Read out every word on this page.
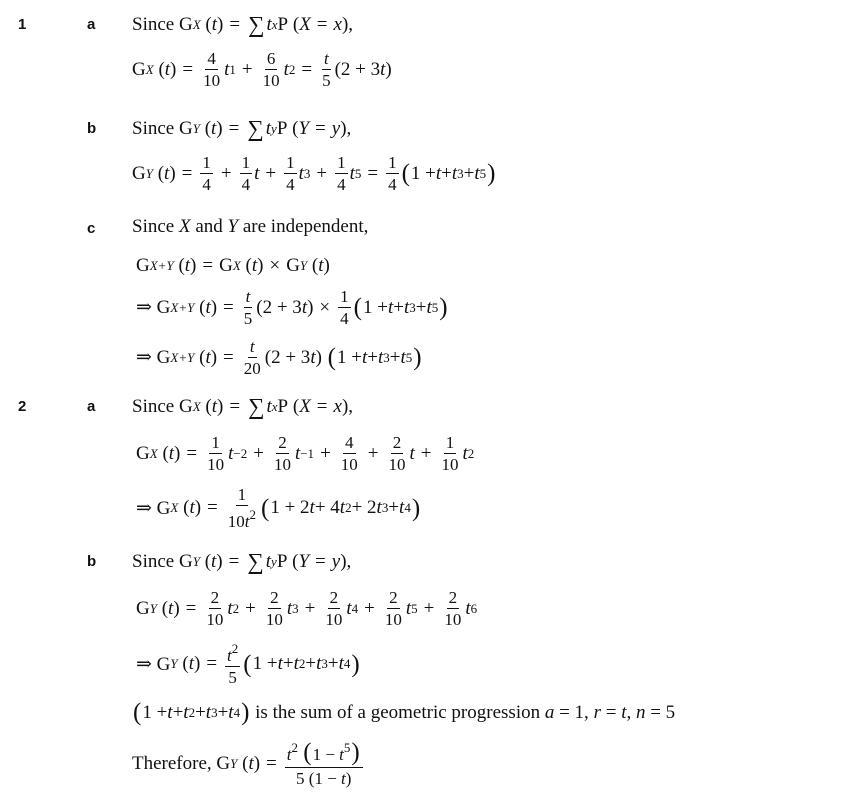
1	a Since G X ( t ) = ∑ t x P ( X = x ),
G X ( t ) = $\frac{4}{10}$ t $1 + \frac{6}{10}$ t $2 = \frac{t}{5} (2 + 3$ t )
b Since G Y ( t ) = ∑ t y P ( Y = y ),
G Y ( t ) = $\frac{1}{4} + \frac{1}{4}$ $t + \frac{1}{4}$ t $3 + \frac{1}{4}$ t $5 = \frac{1}{4}$ ( 1 + t + t 3 + t 5 )
c Since
X
and
Y
are independent,
G X+Y ( t ) = G X ( t ) × G Y ( t )
⇒ G X+Y ( t ) = $\frac{t}{5} (2 + 3$ t ) × $\frac{1}{4}$ ( 1 + t + t 3 + t 5 )
⇒ G X+Y ( t ) = $\frac{t}{20} (2 + 3$ t ) ( 1 + t + t 3 + t 5 )
2	a Since G X ( t ) = ∑ t x P ( X = x ),
G X ( t ) = $\frac{1}{10}$ $t -2 + \frac{2}{10}$ $t -1 + \frac{4}{10} + \frac{2}{10}$ $t + \frac{1}{10}$ t 2
⇒ G X ( t ) = $\frac{1}{10t^2}$ ( 1 + 2 t + 4 t 2 + 2 t 3 + t 4 )
b Since G Y ( t ) = ∑ t y P ( Y = y ),
G Y ( t ) = $\frac{2}{10}$ t $2 + \frac{2}{10}$ t $3 + \frac{2}{10}$ t $4 + \frac{2}{10}$ t $5 + \frac{2}{10}$ t 6
⇒ G Y ( t ) = $\frac{t^2}{5}$ ( 1 + t + t 2 + t 3 + t 4 )
( 1 + t + t 2 + t 3 + t 4 )
is the sum of a geometric progression
a = 1, r = t , n = 5
Therefore, G Y ( t ) = $\frac{t^2 (1 - t^5)}{5 (1 - t)}$
